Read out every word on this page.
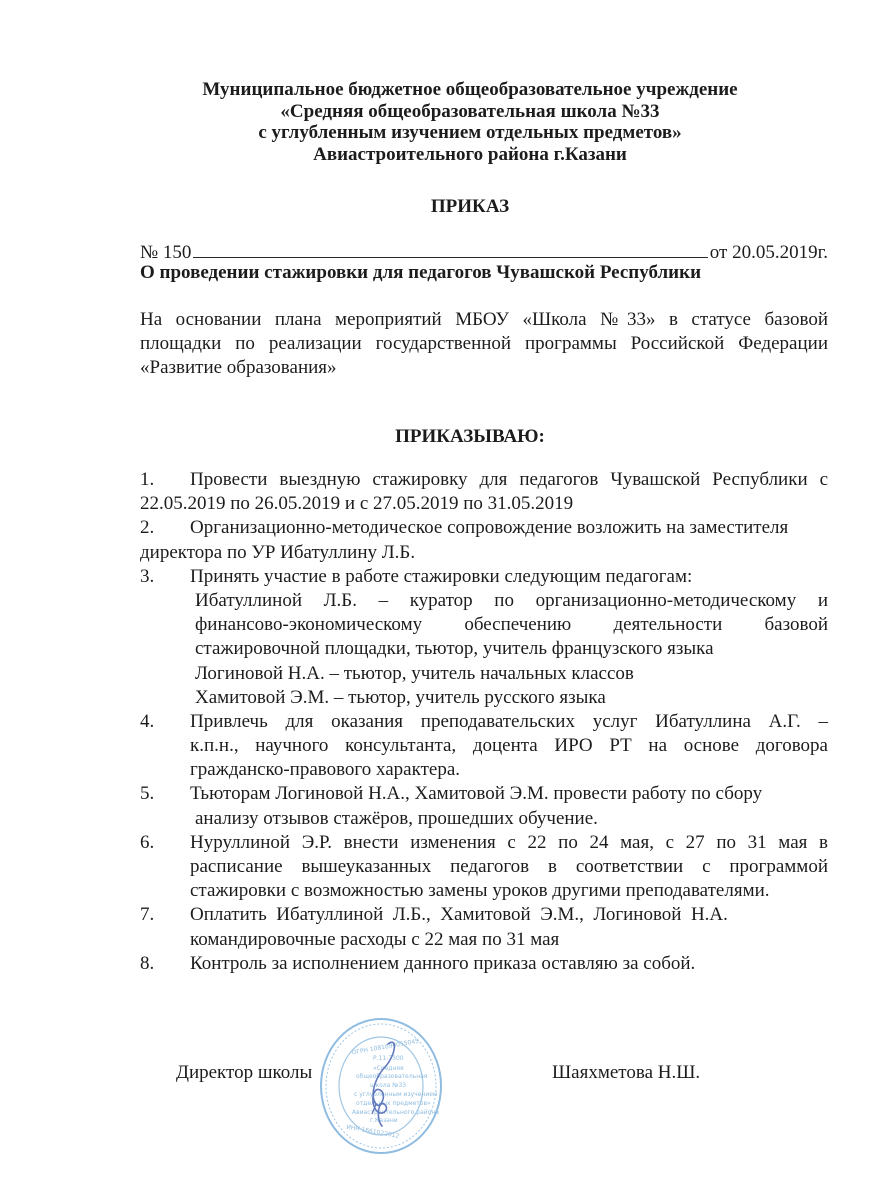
Муниципальное бюджетное общеобразовательное учреждение
«Средняя общеобразовательная школа №33
с углубленным изучением отдельных предметов»
Авиастроительного района г.Казани
ПРИКАЗ
№ 150	от 20.05.2019г.
О проведении стажировки для педагогов Чувашской Республики
На основании плана мероприятий МБОУ «Школа №33» в статусе базовой
площадки по реализации государственной программы Российской Федерации
«Развитие образования»
ПРИКАЗЫВАЮ:
1. Провести выездную стажировку для педагогов Чувашской Республики с
22.05.2019 по 26.05.2019 и с 27.05.2019 по 31.05.2019
2. Организационно-методическое сопровождение возложить на заместителя
директора по УР Ибатуллину Л.Б.
3. Принять участие в работе стажировки следующим педагогам:
Ибатуллиной Л.Б. – куратор по организационно-методическому и
финансово-экономическому обеспечению деятельности базовой
стажировочной площадки, тьютор, учитель французского языка
Логиновой Н.А. – тьютор, учитель начальных классов
Хамитовой Э.М. – тьютор, учитель русского языка
4. Привлечь для оказания преподавательских услуг Ибатуллина А.Г. –
к.п.н., научного консультанта, доцента ИРО РТ на основе договора
гражданско-правового характера.
5. Тьюторам Логиновой Н.А., Хамитовой Э.М. провести работу по сбору
анализу отзывов стажёров, прошедших обучение.
6. Нуруллиной Э.Р. внести изменения с 22 по 24 мая, с 27 по 31 мая в
расписание вышеуказанных педагогов в соответствии с программой
стажировки с возможностью замены уроков другими преподавателями.
7. Оплатить  Ибатуллиной  Л.Б.,  Хамитовой  Э.М.,  Логиновой  Н.А.
командировочные расходы с 22 мая по 31 мая
8. Контроль за исполнением данного приказа оставляю за собой.
Директор школы	Шаяхметова Н.Ш.
ОГРН 1081690055045
Р.11-7300
«Средняя
общеобразовательная
школа №33
с углубленным изучением
отдельных предметов»
Авиастроительного района
г.Казани
ИНН 1661022012
